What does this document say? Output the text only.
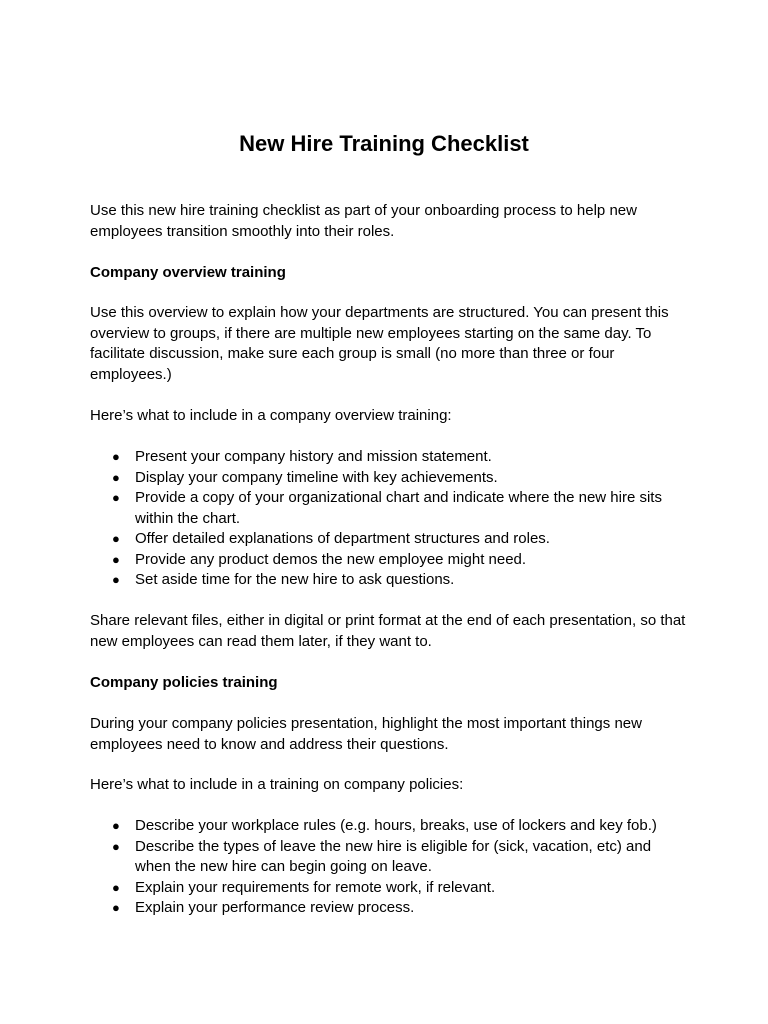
New Hire Training Checklist

Use this new hire training checklist as part of your onboarding process to help new employees transition smoothly into their roles.

Company overview training

Use this overview to explain how your departments are structured. You can present this overview to groups, if there are multiple new employees starting on the same day. To facilitate discussion, make sure each group is small (no more than three or four employees.)

Here’s what to include in a company overview training:

● Present your company history and mission statement.
● Display your company timeline with key achievements.
● Provide a copy of your organizational chart and indicate where the new hire sits within the chart.
● Offer detailed explanations of department structures and roles.
● Provide any product demos the new employee might need.
● Set aside time for the new hire to ask questions.

Share relevant files, either in digital or print format at the end of each presentation, so that new employees can read them later, if they want to.

Company policies training

During your company policies presentation, highlight the most important things new employees need to know and address their questions.

Here’s what to include in a training on company policies:

● Describe your workplace rules (e.g. hours, breaks, use of lockers and key fob.)
● Describe the types of leave the new hire is eligible for (sick, vacation, etc) and when the new hire can begin going on leave.
● Explain your requirements for remote work, if relevant.
● Explain your performance review process.
